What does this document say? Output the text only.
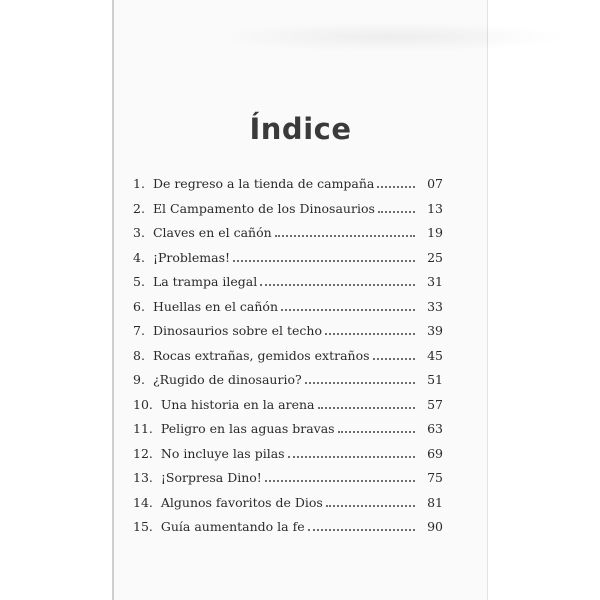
Índice
1. De regreso a la tienda de campaña	07
2. El Campamento de los Dinosaurios	13
3. Claves en el cañón	19
4. ¡Problemas!	25
5. La trampa ilegal	31
6. Huellas en el cañón	33
7. Dinosaurios sobre el techo	39
8. Rocas extrañas, gemidos extraños	45
9. ¿Rugido de dinosaurio?	51
10. Una historia en la arena	57
11. Peligro en las aguas bravas	63
12. No incluye las pilas	69
13. ¡Sorpresa Dino!	75
14. Algunos favoritos de Dios	81
15. Guía aumentando la fe	90
